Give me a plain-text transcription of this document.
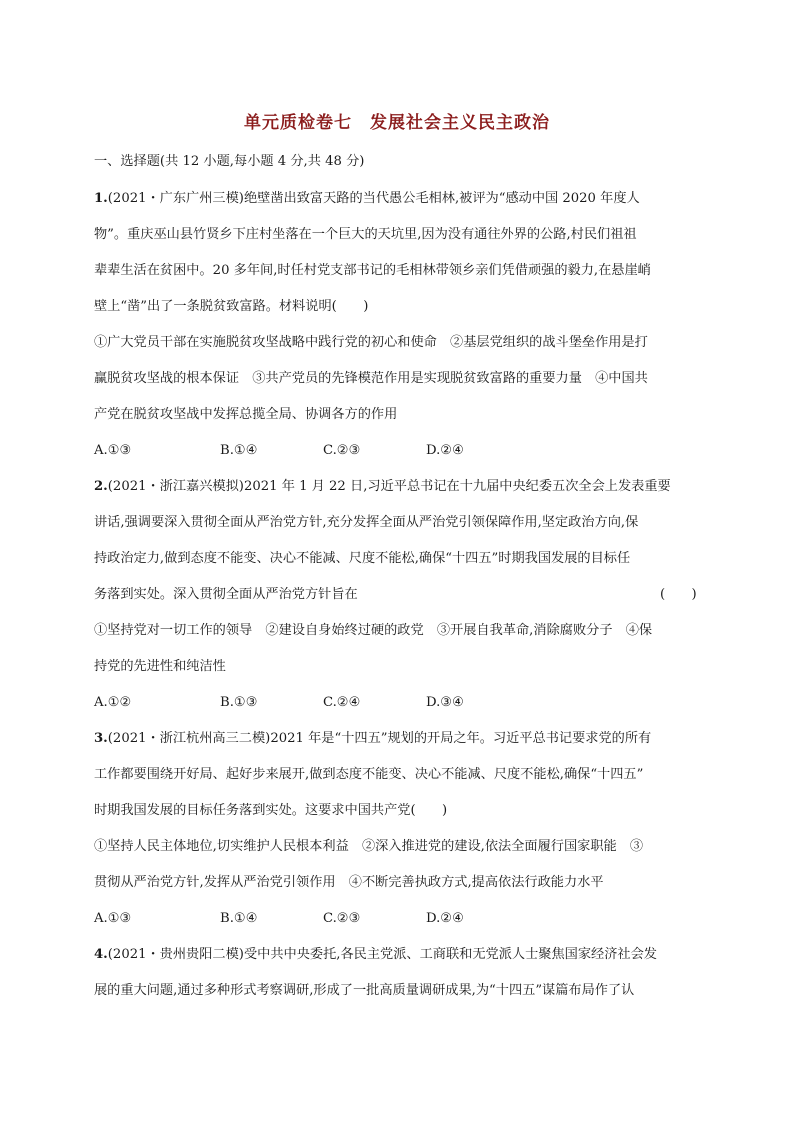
单元质检卷七　发展社会主义民主政治
一、选择题(共 12 小题,每小题 4 分,共 48 分)
1.(2021・广东广州三模)绝壁凿出致富天路的当代愚公毛相林,被评为“感动中国 2020 年度人
物”。重庆巫山县竹贤乡下庄村坐落在一个巨大的天坑里,因为没有通往外界的公路,村民们祖祖
辈辈生活在贫困中。20 多年间,时任村党支部书记的毛相林带领乡亲们凭借顽强的毅力,在悬崖峭
壁上“凿”出了一条脱贫致富路。材料说明(　　)
①广大党员干部在实施脱贫攻坚战略中践行党的初心和使命　②基层党组织的战斗堡垒作用是打
赢脱贫攻坚战的根本保证　③共产党员的先锋模范作用是实现脱贫致富路的重要力量　④中国共
产党在脱贫攻坚战中发挥总揽全局、协调各方的作用
A.①③	B.①④	C.②③	D.②④
2.(2021・浙江嘉兴模拟)2021 年 1 月 22 日,习近平总书记在十九届中央纪委五次全会上发表重要
讲话,强调要深入贯彻全面从严治党方针,充分发挥全面从严治党引领保障作用,坚定政治方向,保
持政治定力,做到态度不能变、决心不能减、尺度不能松,确保“十四五”时期我国发展的目标任
务落到实处。深入贯彻全面从严治党方针旨在	(　　)
①坚持党对一切工作的领导　②建设自身始终过硬的政党　③开展自我革命,消除腐败分子　④保
持党的先进性和纯洁性
A.①②	B.①③	C.②④	D.③④
3.(2021・浙江杭州高三二模)2021 年是“十四五”规划的开局之年。习近平总书记要求党的所有
工作都要围绕开好局、起好步来展开,做到态度不能变、决心不能减、尺度不能松,确保“十四五”
时期我国发展的目标任务落到实处。这要求中国共产党(　　)
①坚持人民主体地位,切实维护人民根本利益　②深入推进党的建设,依法全面履行国家职能　③
贯彻从严治党方针,发挥从严治党引领作用　④不断完善执政方式,提高依法行政能力水平
A.①③	B.①④	C.②③	D.②④
4.(2021・贵州贵阳二模)受中共中央委托,各民主党派、工商联和无党派人士聚焦国家经济社会发
展的重大问题,通过多种形式考察调研,形成了一批高质量调研成果,为“十四五”谋篇布局作了认
